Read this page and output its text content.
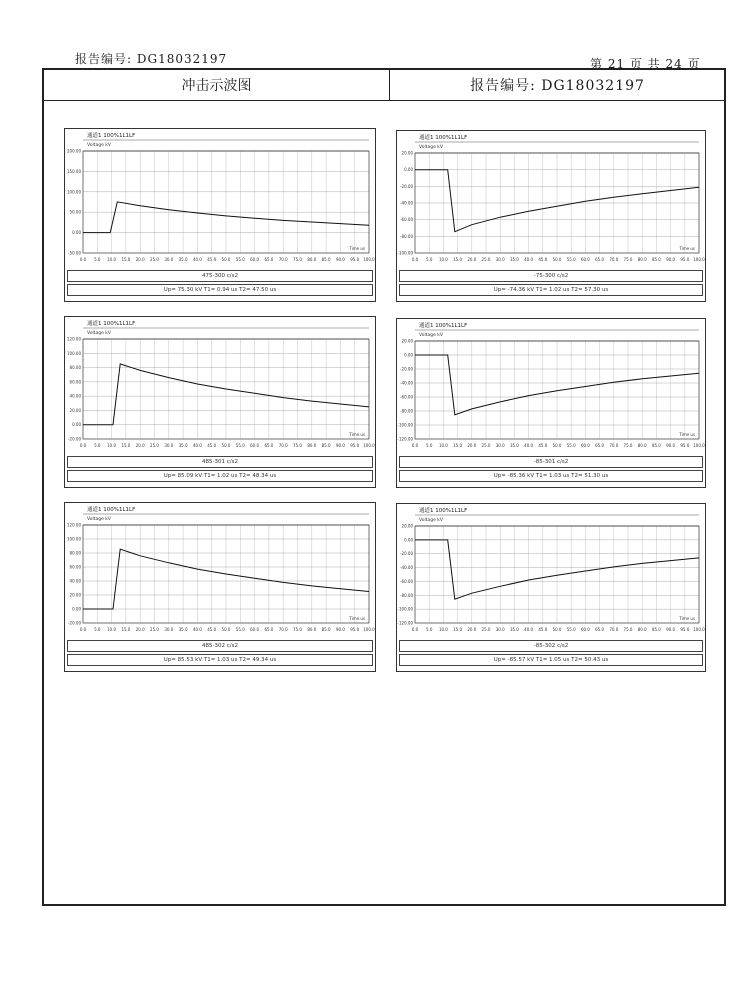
报告编号: DG18032197	第 21 页 共 24 页
冲击示波图	报告编号: DG18032197
通道1 100%1L1LF
Voltage kV
200.00
150.00
100.00
50.00
0.00
-50.00
0.0 5.0 10.0 15.0 20.0 25.0 30.0 35.0 40.0 45.0 50.0 55.0 60.0 65.0 70.0 75.0 80.0 85.0 90.0 95.0 100.0
Time us
475-300 c/s2
Up= 75.30 kV T1= 0.94 us T2= 47.50 us
通道1 100%1L1LF
Voltage kV
20.00
0.00
-20.00
-40.00
-60.00
-80.00
-100.00
0.0 5.0 10.0 15.0 20.0 25.0 30.0 35.0 40.0 45.0 50.0 55.0 60.0 65.0 70.0 75.0 80.0 85.0 90.0 95.0 100.0
Time us
-75-300 c/s2
Up= -74.36 kV T1= 1.02 us T2= 57.30 us
通道1 100%1L1LF
Voltage kV
120.00
100.00
80.00
60.00
40.00
20.00
0.00
-20.00
0.0 5.0 10.0 15.0 20.0 25.0 30.0 35.0 40.0 45.0 50.0 55.0 60.0 65.0 70.0 75.0 80.0 85.0 90.0 95.0 100.0
Time us
485-301 c/s2
Up= 85.09 kV T1= 1.02 us T2= 48.34 us
通道1 100%1L1LF
Voltage kV
20.00
0.00
-20.00
-40.00
-60.00
-80.00
-100.00
-120.00
0.0 5.0 10.0 15.0 20.0 25.0 30.0 35.0 40.0 45.0 50.0 55.0 60.0 65.0 70.0 75.0 80.0 85.0 90.0 95.0 100.0
Time us
-85-301 c/s2
Up= -85.36 kV T1= 1.03 us T2= 51.30 us
通道1 100%1L1LF
Voltage kV
120.00
100.00
80.00
60.00
40.00
20.00
0.00
-20.00
0.0 5.0 10.0 15.0 20.0 25.0 30.0 35.0 40.0 45.0 50.0 55.0 60.0 65.0 70.0 75.0 80.0 85.0 90.0 95.0 100.0
Time us
485-302 c/s2
Up= 85.53 kV T1= 1.03 us T2= 49.34 us
通道1 100%1L1LF
Voltage kV
20.00
0.00
-20.00
-40.00
-60.00
-80.00
-100.00
-120.00
0.0 5.0 10.0 15.0 20.0 25.0 30.0 35.0 40.0 45.0 50.0 55.0 60.0 65.0 70.0 75.0 80.0 85.0 90.0 95.0 100.0
Time us
-85-302 c/s2
Up= -85.57 kV T1= 1.05 us T2= 50.43 us
